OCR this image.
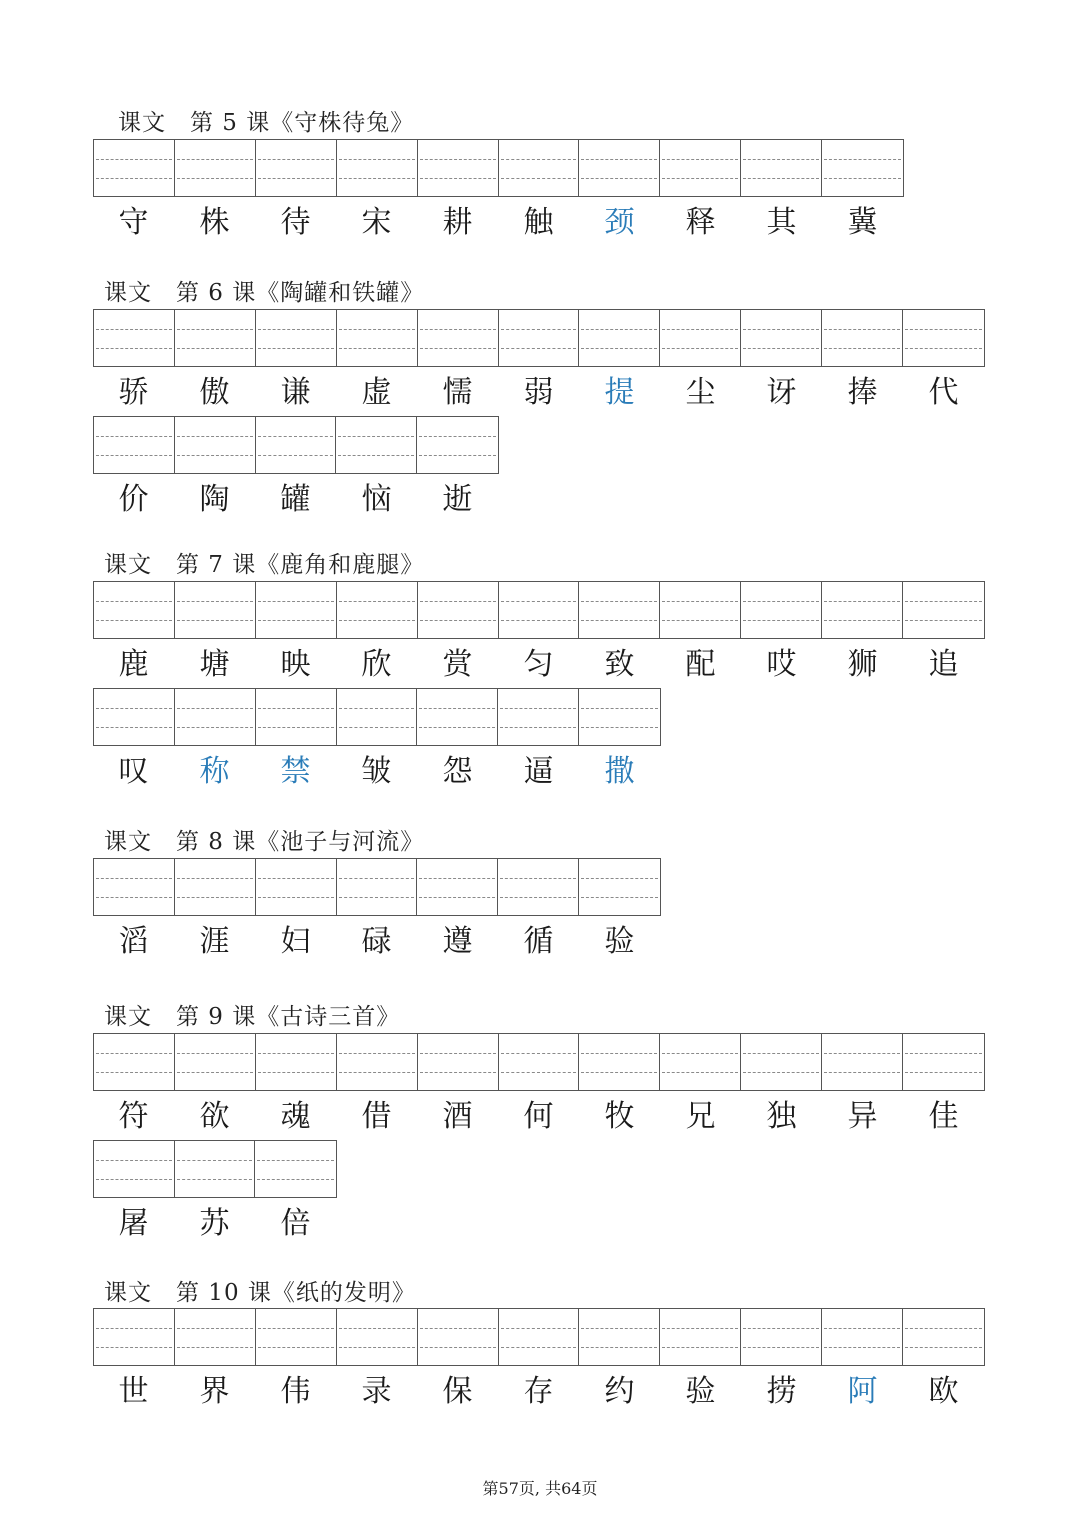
课文 第 5 课《守株待兔》
守	株	待	宋	耕	触	颈	释	其	冀
课文 第 6 课《陶罐和铁罐》
骄	傲	谦	虚	懦	弱	提	尘	讶	捧	代
价	陶	罐	恼	逝
课文 第 7 课《鹿角和鹿腿》
鹿	塘	映	欣	赏	匀	致	配	哎	狮	追
叹	称	禁	皱	怨	逼	撒
课文 第 8 课《池子与河流》
滔	涯	妇	碌	遵	循	验
课文 第 9 课《古诗三首》
符	欲	魂	借	酒	何	牧	兄	独	异	佳
屠	苏	倍
课文 第 10 课《纸的发明》
世	界	伟	录	保	存	约	验	捞	阿	欧
第57页, 共64页
